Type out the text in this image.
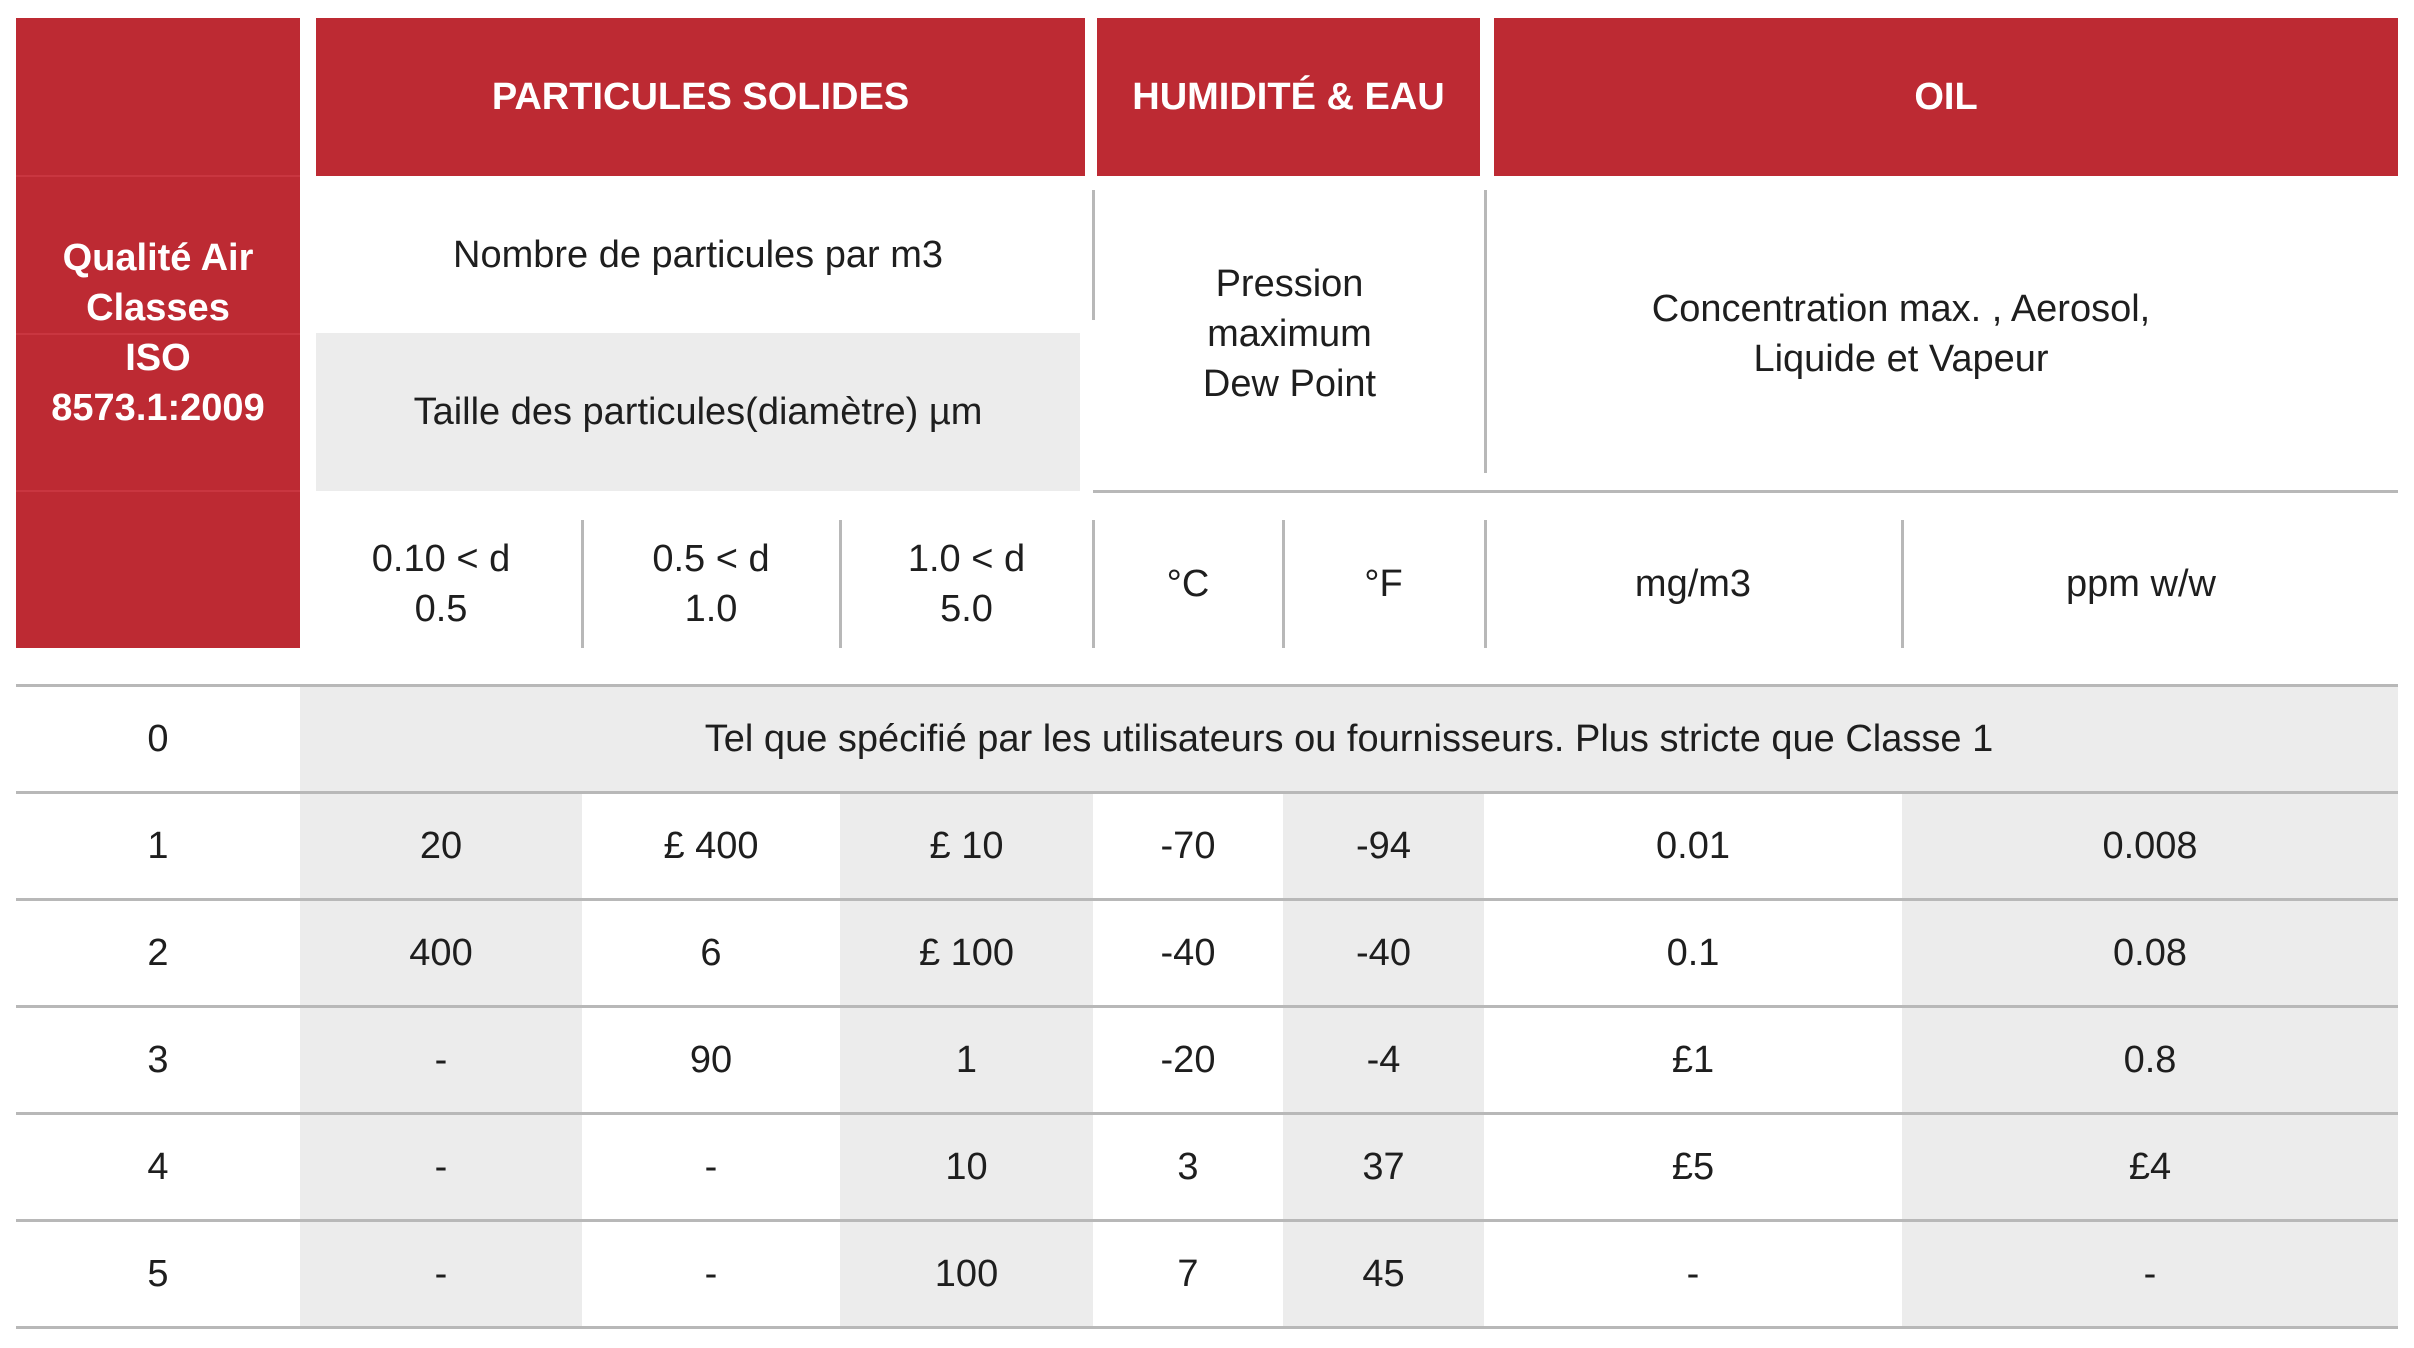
Qualité Air
Classes
ISO
8573.1:2009
PARTICULES SOLIDES	HUMIDITÉ & EAU	OIL
Nombre de particules par m3
Taille des particules(diamètre) µm
Pression
maximum
Dew Point
Concentration max. , Aerosol,
Liquide et Vapeur
0.10 < d
0.5
0.5 < d
1.0
1.0 < d
5.0
°C	°F	mg/m3	ppm w/w
0	Tel que spécifié par les utilisateurs ou fournisseurs. Plus stricte que Classe 1
1	20	£ 400	£ 10	-70	-94	0.01	0.008
2	400	6	£ 100	-40	-40	0.1	0.08
3	-	90	1	-20	-4	£1	0.8
4	-	-	10	3	37	£5	£4
5	-	-	100	7	45	-	-
